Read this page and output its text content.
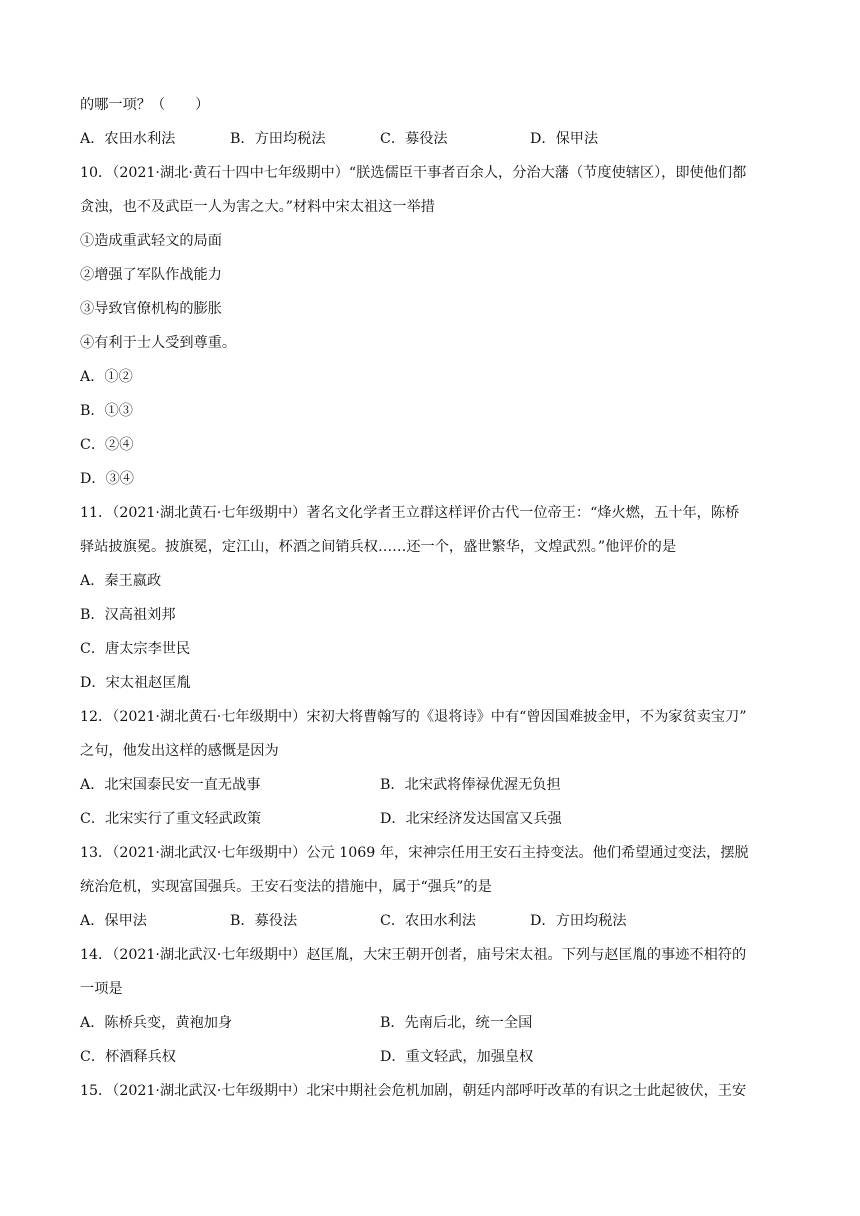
的哪一项？（ ）
A．农田水利法	B．方田均税法	C．募役法	D．保甲法
10．（2021·湖北·黄石十四中七年级期中）“朕选儒臣干事者百余人，分治大藩（节度使辖区），即使他们都
贪浊，也不及武臣一人为害之大。”材料中宋太祖这一举措
①造成重武轻文的局面
②增强了军队作战能力
③导致官僚机构的膨胀
④有利于士人受到尊重。
A．①②
B．①③
C．②④
D．③④
11．（2021·湖北黄石·七年级期中）著名文化学者王立群这样评价古代一位帝王：“烽火燃，五十年，陈桥
驿站披旗冕。披旗冕，定江山，杯酒之间销兵权……还一个，盛世繁华，文煌武烈。”他评价的是
A．秦王嬴政
B．汉高祖刘邦
C．唐太宗李世民
D．宋太祖赵匡胤
12．（2021·湖北黄石·七年级期中）宋初大将曹翰写的《退将诗》中有“曾因国难披金甲，不为家贫卖宝刀”
之句，他发出这样的感慨是因为
A．北宋国泰民安一直无战事	B．北宋武将俸禄优渥无负担
C．北宋实行了重文轻武政策	D．北宋经济发达国富又兵强
13．（2021·湖北武汉·七年级期中）公元 1069 年，宋神宗任用王安石主持变法。他们希望通过变法，摆脱
统治危机，实现富国强兵。王安石变法的措施中，属于“强兵”的是
A．保甲法	B．募役法	C．农田水利法	D．方田均税法
14．（2021·湖北武汉·七年级期中）赵匡胤，大宋王朝开创者，庙号宋太祖。下列与赵匡胤的事迹不相符的
一项是
A．陈桥兵变，黄袍加身	B．先南后北，统一全国
C．杯酒释兵权	D．重文轻武，加强皇权
15．（2021·湖北武汉·七年级期中）北宋中期社会危机加剧，朝廷内部呼吁改革的有识之士此起彼伏，王安
